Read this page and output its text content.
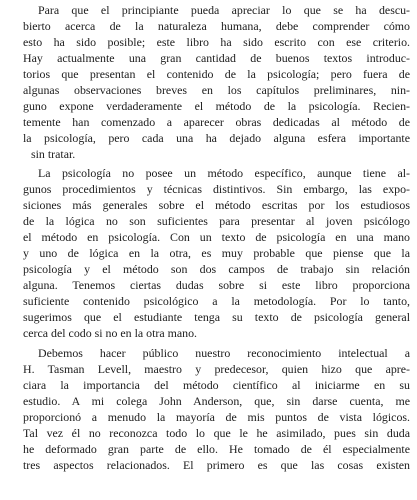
Para que el principiante pueda apreciar lo que se ha descu-
bierto acerca de la naturaleza humana, debe comprender cómo
esto ha sido posible; este libro ha sido escrito con ese criterio.
Hay actualmente una gran cantidad de buenos textos introduc-
torios que presentan el contenido de la psicología; pero fuera de
algunas observaciones breves en los capítulos preliminares, nin-
guno expone verdaderamente el método de la psicología. Recien-
temente han comenzado a aparecer obras dedicadas al método de
la psicología, pero cada una ha dejado alguna esfera importante
sin tratar.
La psicología no posee un método específico, aunque tiene al-
gunos procedimientos y técnicas distintivos. Sin embargo, las expo-
siciones más generales sobre el método escritas por los estudiosos
de la lógica no son suficientes para presentar al joven psicólogo
el método en psicología. Con un texto de psicología en una mano
y uno de lógica en la otra, es muy probable que piense que la
psicología y el método son dos campos de trabajo sin relación
alguna. Tenemos ciertas dudas sobre si este libro proporciona
suficiente contenido psicológico a la metodología. Por lo tanto,
sugerimos que el estudiante tenga su texto de psicología general
cerca del codo si no en la otra mano.
Debemos hacer público nuestro reconocimiento intelectual a
H. Tasman Levell, maestro y predecesor, quien hizo que apre-
ciara la importancia del método científico al iniciarme en su
estudio. A mi colega John Anderson, que, sin darse cuenta, me
proporcionó a menudo la mayoría de mis puntos de vista lógicos.
Tal vez él no reconozca todo lo que le he asimilado, pues sin duda
he deformado gran parte de ello. He tomado de él especialmente
tres aspectos relacionados. El primero es que las cosas existen
